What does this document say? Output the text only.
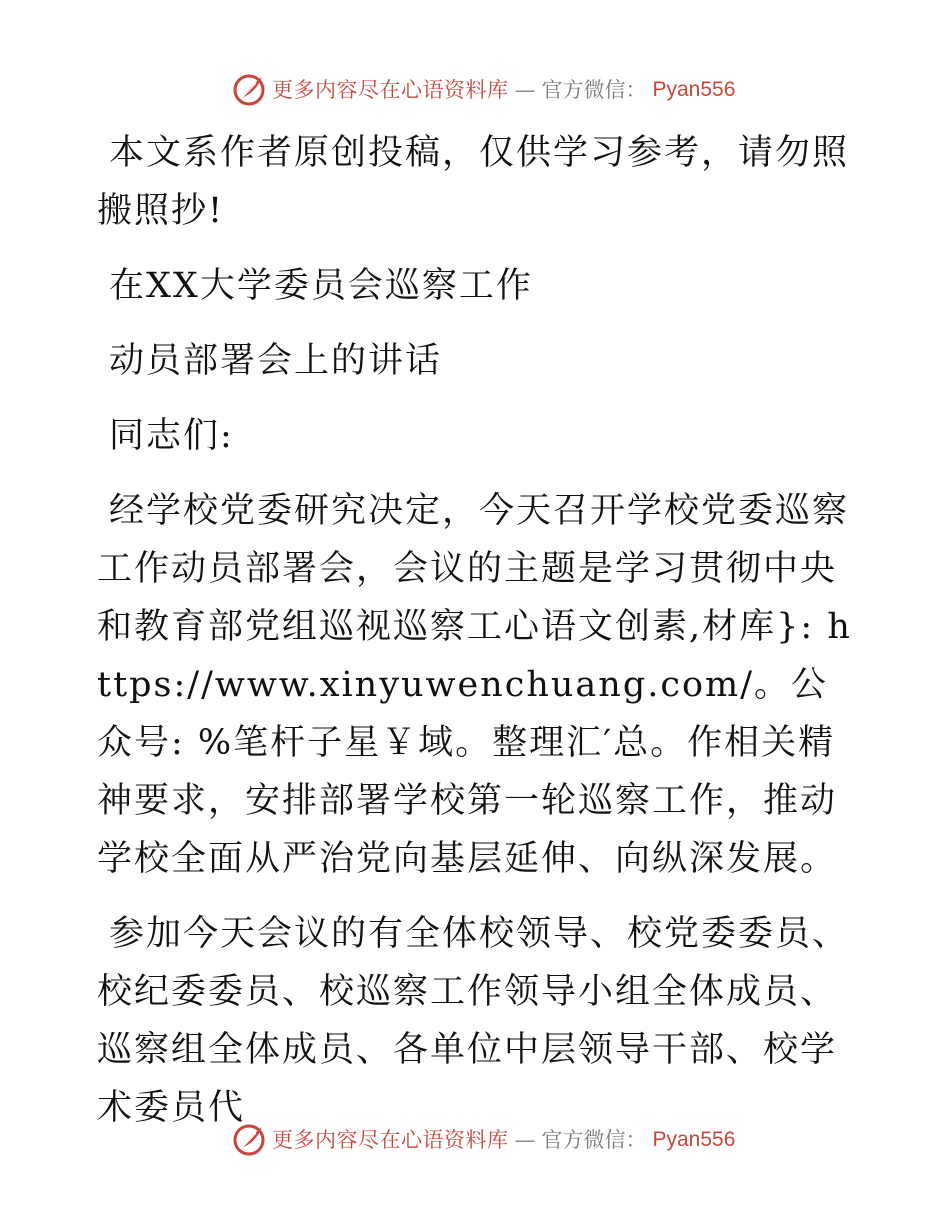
更多内容尽在心语资料库 — 官方微信： Pyan556

本文系作者原创投稿，仅供学习参考，请勿照搬照抄!

在XX大学委员会巡察工作

动员部署会上的讲话

同志们:

经学校党委研究决定，今天召开学校党委巡察工作动员部署会，会议的主题是学习贯彻中央和教育部党组巡视巡察工心语文创素,材库}: https://www.xinyuwenchuang.com/。公众号: %笔杆子星￥域。整理汇′总。作相关精神要求，安排部署学校第一轮巡察工作，推动学校全面从严治党向基层延伸、向纵深发展。

参加今天会议的有全体校领导、校党委委员、校纪委委员、校巡察工作领导小组全体成员、巡察组全体成员、各单位中层领导干部、校学术委员代

更多内容尽在心语资料库 — 官方微信： Pyan556
